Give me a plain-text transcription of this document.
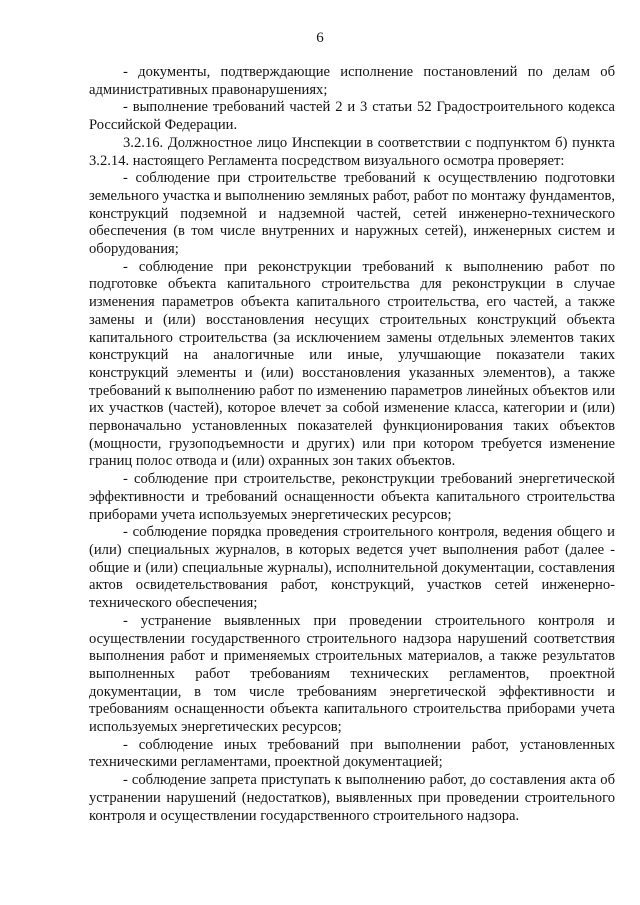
6

- документы, подтверждающие исполнение постановлений по делам об административных правонарушениях;

- выполнение требований частей 2 и 3 статьи 52 Градостроительного кодекса Российской Федерации.

3.2.16. Должностное лицо Инспекции в соответствии с подпунктом б) пункта 3.2.14. настоящего Регламента посредством визуального осмотра проверяет:

- соблюдение при строительстве требований к осуществлению подготовки земельного участка и выполнению земляных работ, работ по монтажу фундаментов, конструкций подземной и надземной частей, сетей инженерно-технического обеспечения (в том числе внутренних и наружных сетей), инженерных систем и оборудования;

- соблюдение при реконструкции требований к выполнению работ по подготовке объекта капитального строительства для реконструкции в случае изменения параметров объекта капитального строительства, его частей, а также замены и (или) восстановления несущих строительных конструкций объекта капитального строительства (за исключением замены отдельных элементов таких конструкций на аналогичные или иные, улучшающие показатели таких конструкций элементы и (или) восстановления указанных элементов), а также требований к выполнению работ по изменению параметров линейных объектов или их участков (частей), которое влечет за собой изменение класса, категории и (или) первоначально установленных показателей функционирования таких объектов (мощности, грузоподъемности и других) или при котором требуется изменение границ полос отвода и (или) охранных зон таких объектов.

- соблюдение при строительстве, реконструкции требований энергетической эффективности и требований оснащенности объекта капитального строительства приборами учета используемых энергетических ресурсов;

- соблюдение порядка проведения строительного контроля, ведения общего и (или) специальных журналов, в которых ведется учет выполнения работ (далее - общие и (или) специальные журналы), исполнительной документации, составления актов освидетельствования работ, конструкций, участков сетей инженерно-технического обеспечения;

- устранение выявленных при проведении строительного контроля и осуществлении государственного строительного надзора нарушений соответствия выполнения работ и применяемых строительных материалов, а также результатов выполненных работ требованиям технических регламентов, проектной документации, в том числе требованиям энергетической эффективности и требованиям оснащенности объекта капитального строительства приборами учета используемых энергетических ресурсов;

- соблюдение иных требований при выполнении работ, установленных техническими регламентами, проектной документацией;

- соблюдение запрета приступать к выполнению работ, до составления акта об устранении нарушений (недостатков), выявленных при проведении строительного контроля и осуществлении государственного строительного надзора.
